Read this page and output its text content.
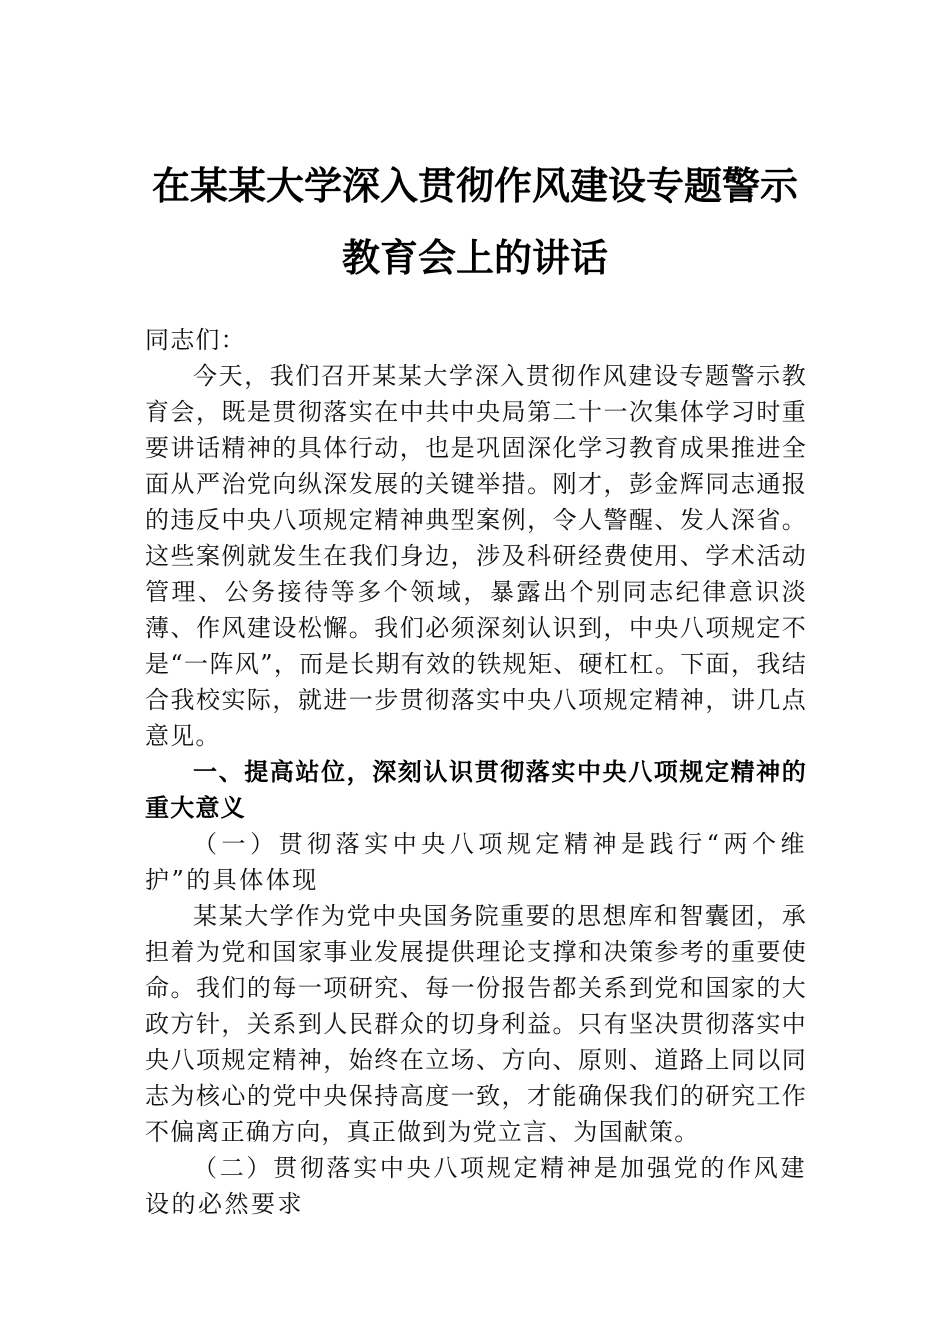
在某某大学深入贯彻作风建设专题警示教育会上的讲话

同志们：

今天，我们召开某某大学深入贯彻作风建设专题警示教育会，既是贯彻落实在中共中央局第二十一次集体学习时重要讲话精神的具体行动，也是巩固深化学习教育成果推进全面从严治党向纵深发展的关键举措。刚才，彭金辉同志通报的违反中央八项规定精神典型案例，令人警醒、发人深省。这些案例就发生在我们身边，涉及科研经费使用、学术活动管理、公务接待等多个领域，暴露出个别同志纪律意识淡薄、作风建设松懈。我们必须深刻认识到，中央八项规定不是“一阵风”，而是长期有效的铁规矩、硬杠杠。下面，我结合我校实际，就进一步贯彻落实中央八项规定精神，讲几点意见。

一、提高站位，深刻认识贯彻落实中央八项规定精神的重大意义

（一）贯彻落实中央八项规定精神是践行“两个维护”的具体体现

某某大学作为党中央国务院重要的思想库和智囊团，承担着为党和国家事业发展提供理论支撑和决策参考的重要使命。我们的每一项研究、每一份报告都关系到党和国家的大政方针，关系到人民群众的切身利益。只有坚决贯彻落实中央八项规定精神，始终在立场、方向、原则、道路上同以同志为核心的党中央保持高度一致，才能确保我们的研究工作不偏离正确方向，真正做到为党立言、为国献策。

（二）贯彻落实中央八项规定精神是加强党的作风建设的必然要求
